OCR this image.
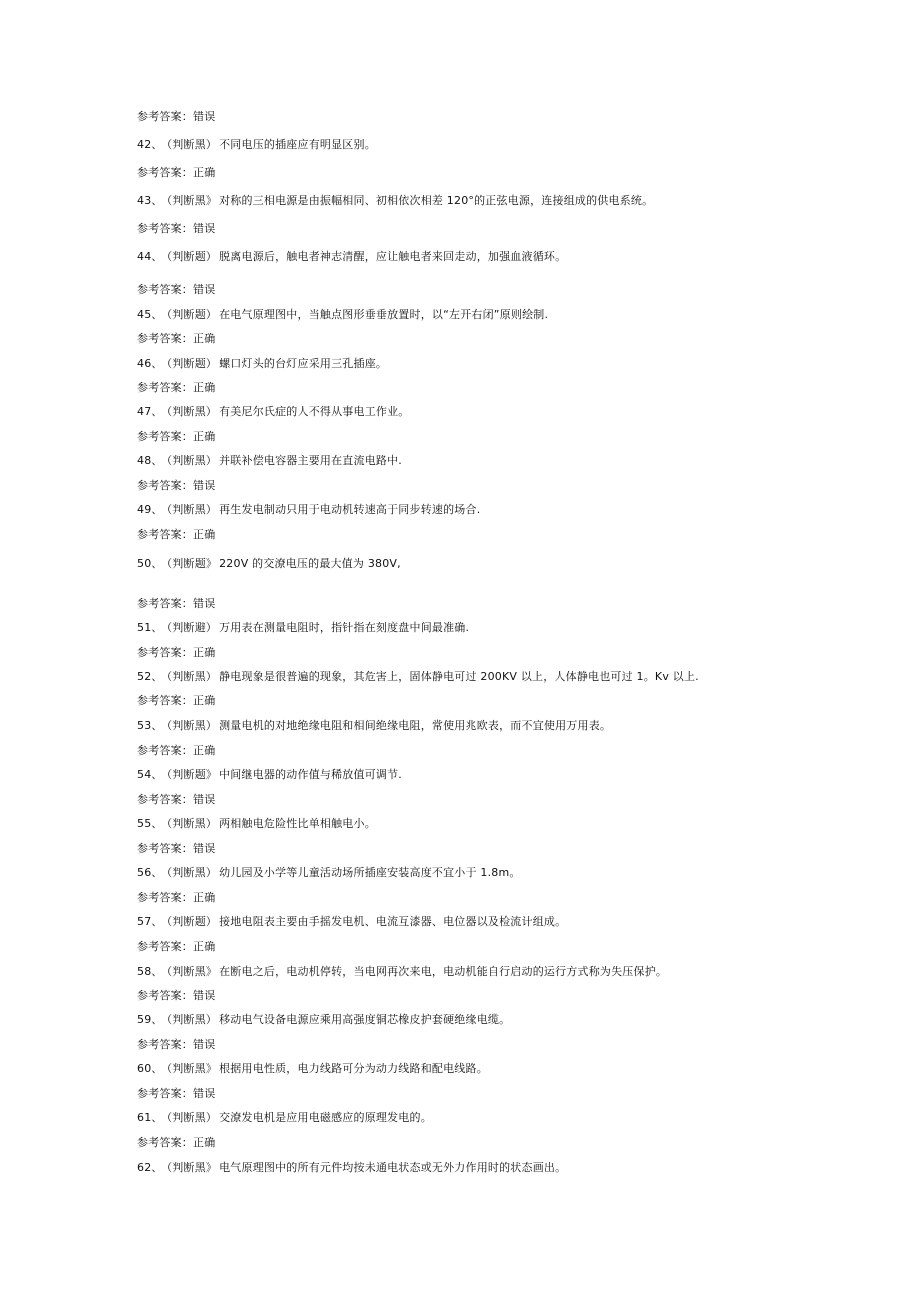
参考答案：错误
42、 （判断黑） 不同电压的插座应有明显区别。
参考答案：正确
43、 （判断黑》 对称的三相电源是由振幅相同、初相依次相差 120°的正弦电源，连接组成的供电系统。
参考答案：错误
44、 （判断题） 脱离电源后，触电者神志清醒，应让触电者来回走动，加强血液循环。
参考答案：错误
45、 （判断题） 在电气原理图中，当触点图形垂垂放置时，以“左开右闭”原则绘制.
参考答案：正确
46、 （判断题） 螺口灯头的台灯应采用三孔插座。
参考答案：正确
47、 （判断黑） 有美尼尔氏症的人不得从事电工作业。
参考答案：正确
48、 （判断黑） 并联补偿电容器主要用在直流电路中.
参考答案：错误
49、 （判断黑） 再生发电制动只用于电动机转速高于同步转速的场合.
参考答案：正确
50、 （判断题》 220V 的交潦电压的最大值为 380V,
参考答案：错误
51、 （判断避） 万用表在测量电阻时，指针指在刻度盘中间最准确.
参考答案：正确
52、 （判断黑） 静电现象是很普遍的现象，其危害上，固体静电可过 200KV 以上，人体静电也可过 1。Kv 以上.
参考答案：正确
53、 （判断黑） 测量电机的对地绝缘电阻和相间绝缘电阻，常使用兆欧表，而不宜使用万用表。
参考答案：正确
54、 （判断题》 中间继电器的动作值与稀放值可调节.
参考答案：错误
55、 （判断黑） 两相触电危险性比单相触电小。
参考答案：错误
56、 （判断黑） 幼儿园及小学等儿童活动场所插座安装高度不宜小于 1.8m。
参考答案：正确
57、 （判断题） 接地电阻表主要由手摇发电机、电流互漆器、电位器以及检流计组成。
参考答案：正确
58、 （判断黑》 在断电之后，电动机停转，当电网再次来电，电动机能自行启动的运行方式称为失压保护。
参考答案：错误
59、 （判断黑） 移动电气设备电源应乘用高强度铜芯橡皮护套硬绝缘电缆。
参考答案：错误
60、 （判断黑》 根据用电性质，电力线路可分为动力线路和配电线路。
参考答案：错误
61、 （判断黑） 交潦发电机是应用电磁感应的原理发电的。
参考答案：正确
62、 （判断黑》 电气原理图中的所有元件均按未通电状态或无外力作用时的状态画出。
